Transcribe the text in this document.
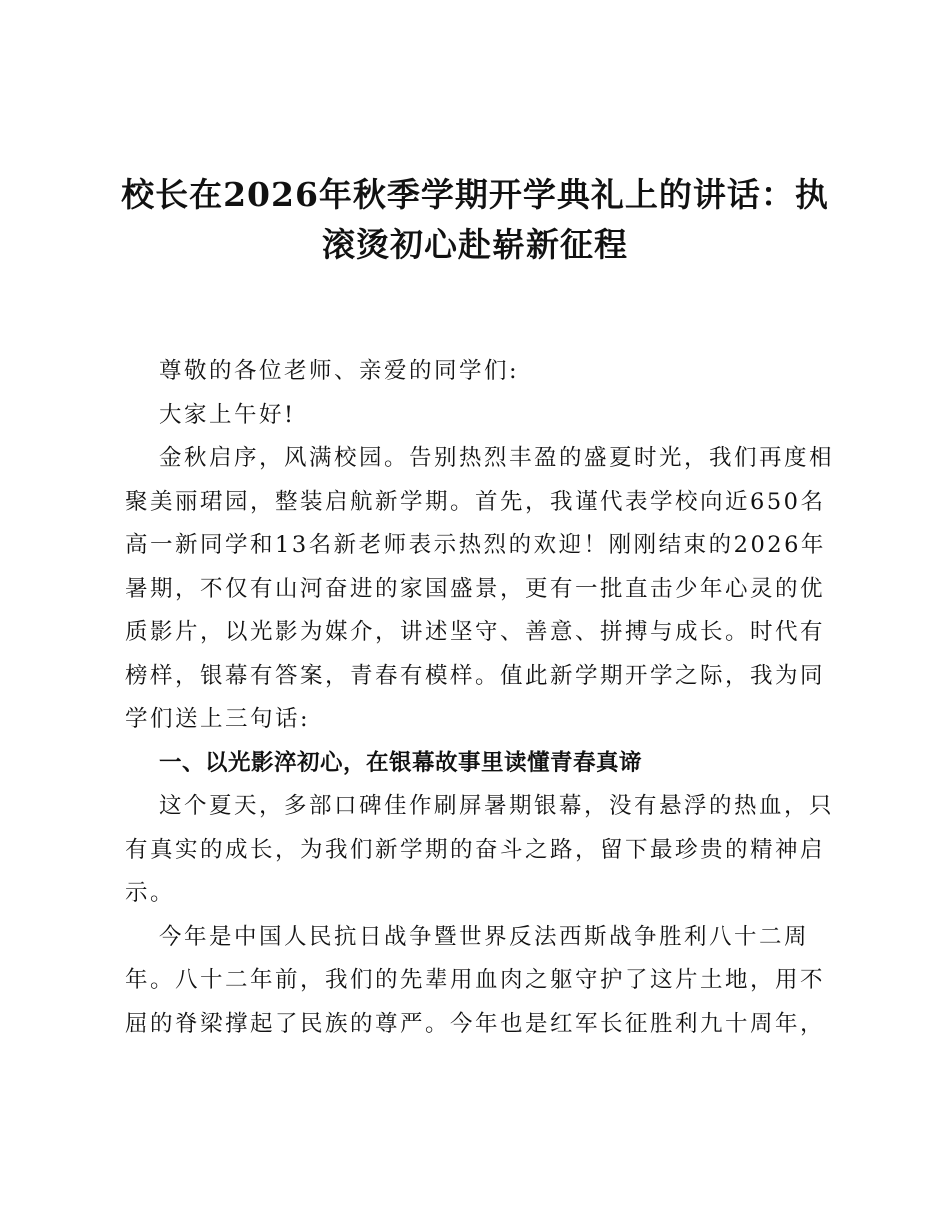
校长在2026年秋季学期开学典礼上的讲话：执
滚烫初心赴崭新征程
尊敬的各位老师、亲爱的同学们:
大家上午好!
金秋启序，风满校园。告别热烈丰盈的盛夏时光，我们再度相
聚美丽珺园，整装启航新学期。首先，我谨代表学校向近650名
高一新同学和13名新老师表示热烈的欢迎！刚刚结束的2026年
暑期，不仅有山河奋进的家国盛景，更有一批直击少年心灵的优
质影片，以光影为媒介，讲述坚守、善意、拼搏与成长。时代有
榜样，银幕有答案，青春有模样。值此新学期开学之际，我为同
学们送上三句话:
一、以光影淬初心，在银幕故事里读懂青春真谛
这个夏天，多部口碑佳作刷屏暑期银幕，没有悬浮的热血，只
有真实的成长，为我们新学期的奋斗之路，留下最珍贵的精神启
示。
今年是中国人民抗日战争暨世界反法西斯战争胜利八十二周
年。八十二年前，我们的先辈用血肉之躯守护了这片土地，用不
屈的脊梁撑起了民族的尊严。今年也是红军长征胜利九十周年，
